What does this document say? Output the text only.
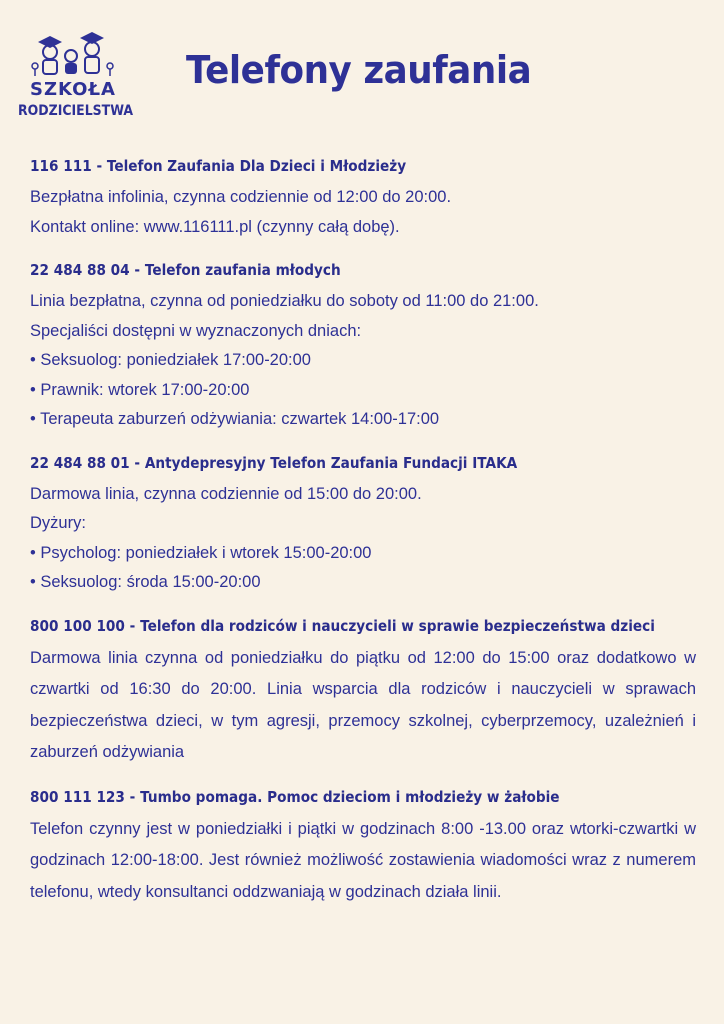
SZKOŁA
RODZICIELSTWA
Telefony zaufania

116 111 - Telefon Zaufania Dla Dzieci i Młodzieży

Bezpłatna infolinia, czynna codziennie od 12:00 do 20:00.

Kontakt online: www.116111.pl (czynny całą dobę).

22 484 88 04 - Telefon zaufania młodych

Linia bezpłatna, czynna od poniedziałku do soboty od 11:00 do 21:00.

Specjaliści dostępni w wyznaczonych dniach:

• Seksuolog: poniedziałek 17:00-20:00

• Prawnik: wtorek 17:00-20:00

• Terapeuta zaburzeń odżywiania: czwartek 14:00-17:00

22 484 88 01 - Antydepresyjny Telefon Zaufania Fundacji ITAKA

Darmowa linia, czynna codziennie od 15:00 do 20:00.

Dyżury:

• Psycholog: poniedziałek i wtorek 15:00-20:00

• Seksuolog: środa 15:00-20:00

800 100 100 - Telefon dla rodziców i nauczycieli w sprawie bezpieczeństwa dzieci

Darmowa linia czynna od poniedziałku do piątku od 12:00 do 15:00 oraz dodatkowo w czwartki od 16:30 do 20:00. Linia wsparcia dla rodziców i nauczycieli w sprawach bezpieczeństwa dzieci, w tym agresji, przemocy szkolnej, cyberprzemocy, uzależnień i zaburzeń odżywiania

800 111 123 - Tumbo pomaga. Pomoc dzieciom i młodzieży w żałobie

Telefon czynny jest w poniedziałki i piątki w godzinach 8:00 -13.00 oraz wtorki-czwartki w godzinach 12:00-18:00. Jest również możliwość zostawienia wiadomości wraz z numerem telefonu, wtedy konsultanci oddzwaniają w godzinach działa linii.
